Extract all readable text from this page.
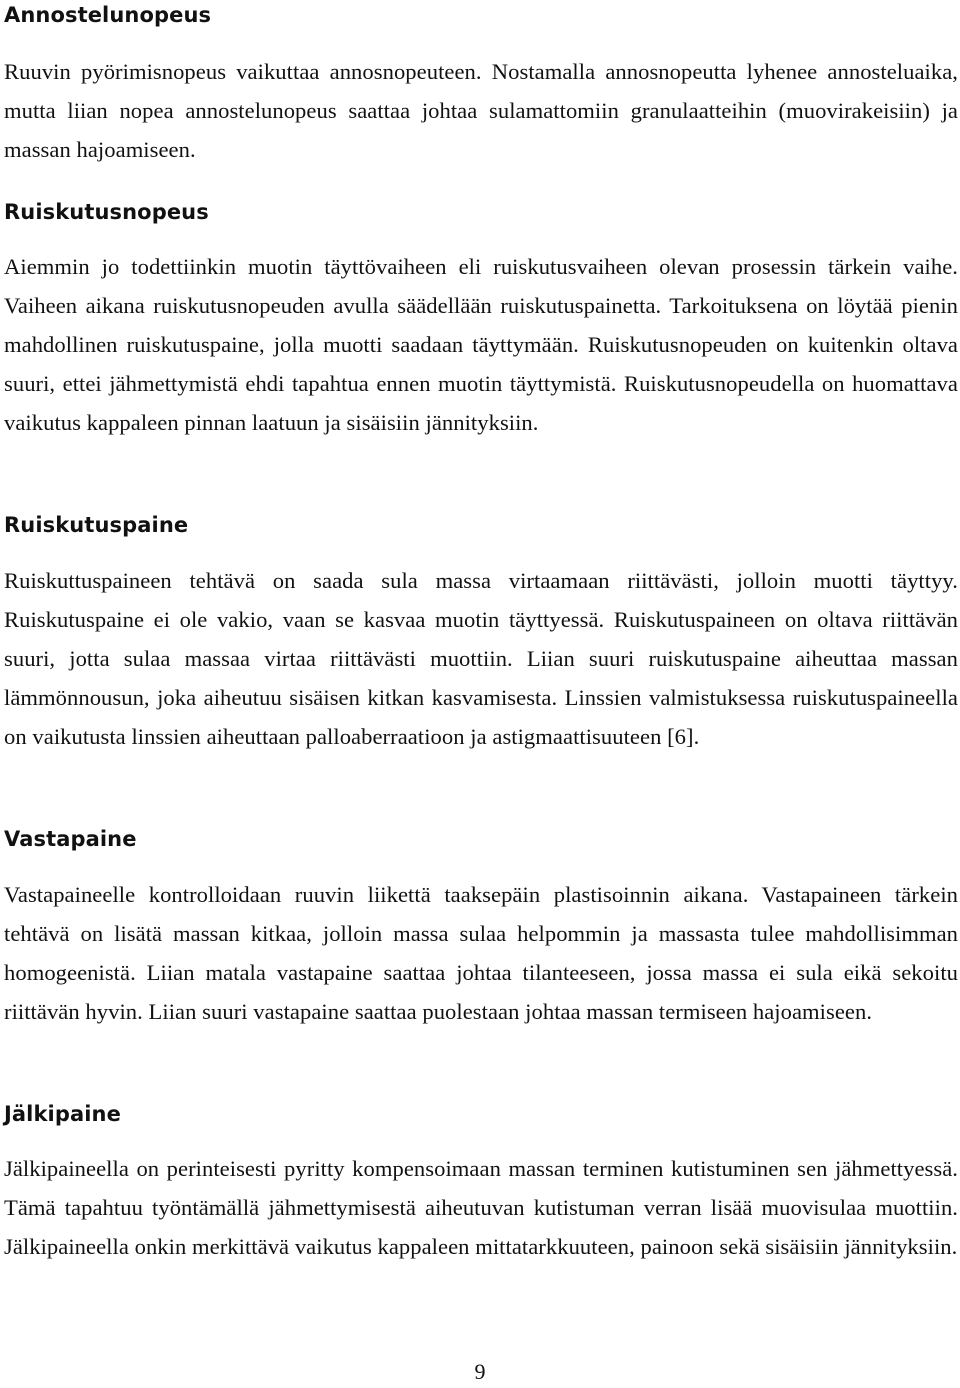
Annostelunopeus

Ruuvin pyörimisnopeus vaikuttaa annosnopeuteen. Nostamalla annosnopeutta lyhenee annosteluaika, mutta liian nopea annostelunopeus saattaa johtaa sulamattomiin granulaatteihin (muovirakeisiin) ja massan hajoamiseen.

Ruiskutusnopeus

Aiemmin jo todettiinkin muotin täyttövaiheen eli ruiskutusvaiheen olevan prosessin tärkein vaihe. Vaiheen aikana ruiskutusnopeuden avulla säädellään ruiskutuspainetta. Tarkoituksena on löytää pienin mahdollinen ruiskutuspaine, jolla muotti saadaan täyttymään. Ruiskutusnopeuden on kuitenkin oltava suuri, ettei jähmettymistä ehdi tapahtua ennen muotin täyttymistä. Ruiskutusnopeudella on huomattava vaikutus kappaleen pinnan laatuun ja sisäisiin jännityksiin.

Ruiskutuspaine

Ruiskuttuspaineen tehtävä on saada sula massa virtaamaan riittävästi, jolloin muotti täyttyy. Ruiskutuspaine ei ole vakio, vaan se kasvaa muotin täyttyessä. Ruiskutuspaineen on oltava riittävän suuri, jotta sulaa massaa virtaa riittävästi muottiin. Liian suuri ruiskutuspaine aiheuttaa massan lämmönnousun, joka aiheutuu sisäisen kitkan kasvamisesta. Linssien valmistuksessa ruiskutuspaineella on vaikutusta linssien aiheuttaan palloaberraatioon ja astigmaattisuuteen [6].

Vastapaine

Vastapaineelle kontrolloidaan ruuvin liikettä taaksepäin plastisoinnin aikana. Vastapaineen tärkein tehtävä on lisätä massan kitkaa, jolloin massa sulaa helpommin ja massasta tulee mahdollisimman homogeenistä. Liian matala vastapaine saattaa johtaa tilanteeseen, jossa massa ei sula eikä sekoitu riittävän hyvin. Liian suuri vastapaine saattaa puolestaan johtaa massan termiseen hajoamiseen.

Jälkipaine

Jälkipaineella on perinteisesti pyritty kompensoimaan massan terminen kutistuminen sen jähmettyessä. Tämä tapahtuu työntämällä jähmettymisestä aiheutuvan kutistuman verran lisää muovisulaa muottiin. Jälkipaineella onkin merkittävä vaikutus kappaleen mittatarkkuuteen, painoon sekä sisäisiin jännityksiin.

9
